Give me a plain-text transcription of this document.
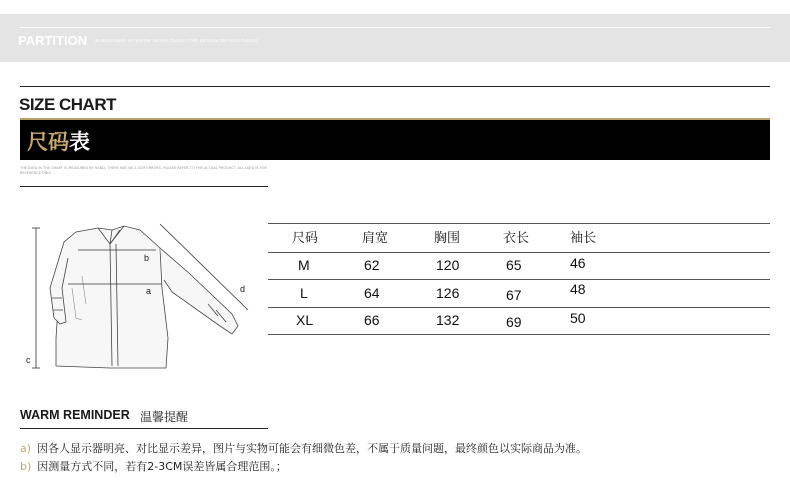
PARTITION SUBDIVIDING INTERIOR DETAIL GUIDE (THE DESIGN DETAILS GUIDE)
SIZE CHART
尺码表
THE DATA IN THE CHART IS MEASURED BY HAND, THERE MAY BE 2-3CM ERRORS. PLEASE REFER TO THE ACTUAL PRODUCT. ALL DATA IS FOR REFERENCE ONLY.
b
a
c
d
尺码	肩宽	胸围	衣长	袖长
M	62	120	65	46
L	64	126	67	48
XL	66	132	69	50
WARM REMINDER 温馨提醒
a) 因各人显示器明亮、对比显示差异，图片与实物可能会有细微色差，不属于质量问题，最终颜色以实际商品为准。
b) 因测量方式不同，若有2-3CM误差皆属合理范围。；
